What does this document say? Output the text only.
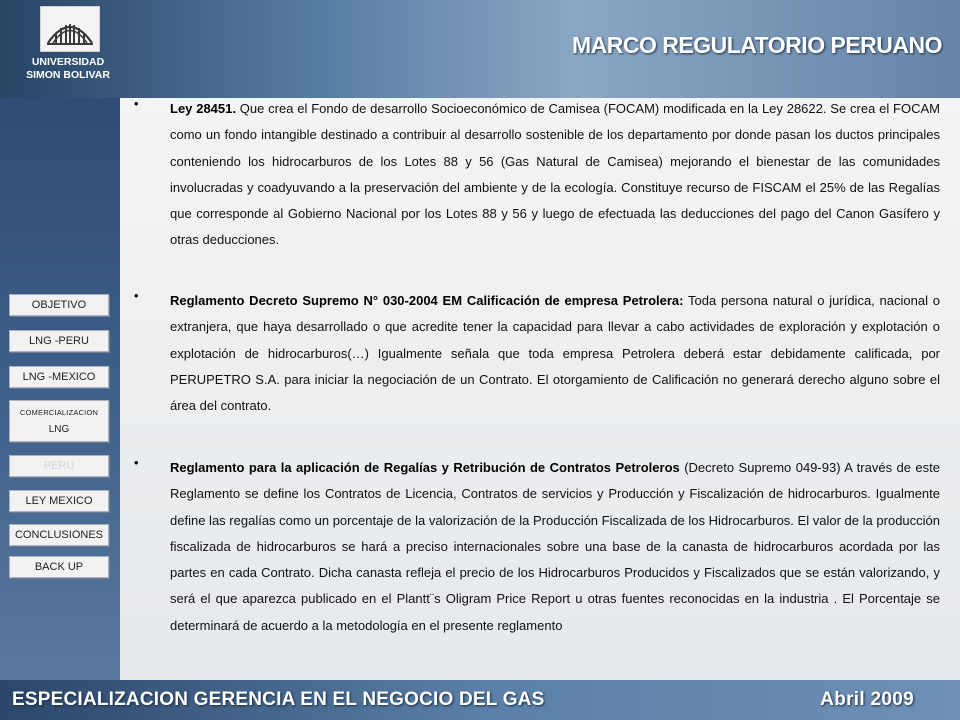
UNIVERSIDAD
SIMON BOLIVAR
MARCO REGULATORIO PERUANO
OBJETIVO
LNG -PERU
LNG -MEXICO
COMERCIALIZACION
LNG
PERU
LEY MEXICO
CONCLUSIONES
BACK UP
• Ley 28451. Que crea el Fondo de desarrollo Socioeconómico de Camisea (FOCAM) modificada en la Ley 28622. Se crea el FOCAM como un fondo intangible destinado a contribuir al desarrollo sostenible de los departamento por donde pasan los ductos principales conteniendo los hidrocarburos de los Lotes 88 y 56 (Gas Natural de Camisea) mejorando el bienestar de las comunidades involucradas y coadyuvando a la preservación del ambiente y de la ecología. Constituye recurso de FISCAM el 25% de las Regalías que corresponde al Gobierno Nacional por los Lotes 88 y 56 y luego de efectuada las deducciones del pago del Canon Gasífero y otras deducciones.

• Reglamento Decreto Supremo N° 030-2004 EM Calificación de empresa Petrolera: Toda persona natural o jurídica, nacional o extranjera, que haya desarrollado o que acredite tener la capacidad para llevar a cabo actividades de exploración y explotación o explotación de hidrocarburos(…) Igualmente señala que toda empresa Petrolera deberá estar debidamente calificada, por PERUPETRO S.A. para iniciar la negociación de un Contrato. El otorgamiento de Calificación no generará derecho alguno sobre el área del contrato.

• Reglamento para la aplicación de Regalías y Retribución de Contratos Petroleros (Decreto Supremo 049-93) A través de este Reglamento se define los Contratos de Licencia, Contratos de servicios y Producción y Fiscalización de hidrocarburos. Igualmente define las regalías como un porcentaje de la valorización de la Producción Fiscalizada de los Hidrocarburos. El valor de la producción fiscalizada de hidrocarburos se hará a preciso internacionales sobre una base de la canasta de hidrocarburos acordada por las partes en cada Contrato. Dicha canasta refleja el precio de los Hidrocarburos Producidos y Fiscalizados que se están valorizando, y será el que aparezca publicado en el Plantt¨s Oligram Price Report u otras fuentes reconocidas en la industria . El Porcentaje se determinará de acuerdo a la metodología en el presente reglamento

ESPECIALIZACION GERENCIA EN EL NEGOCIO DEL GAS	Abril 2009
